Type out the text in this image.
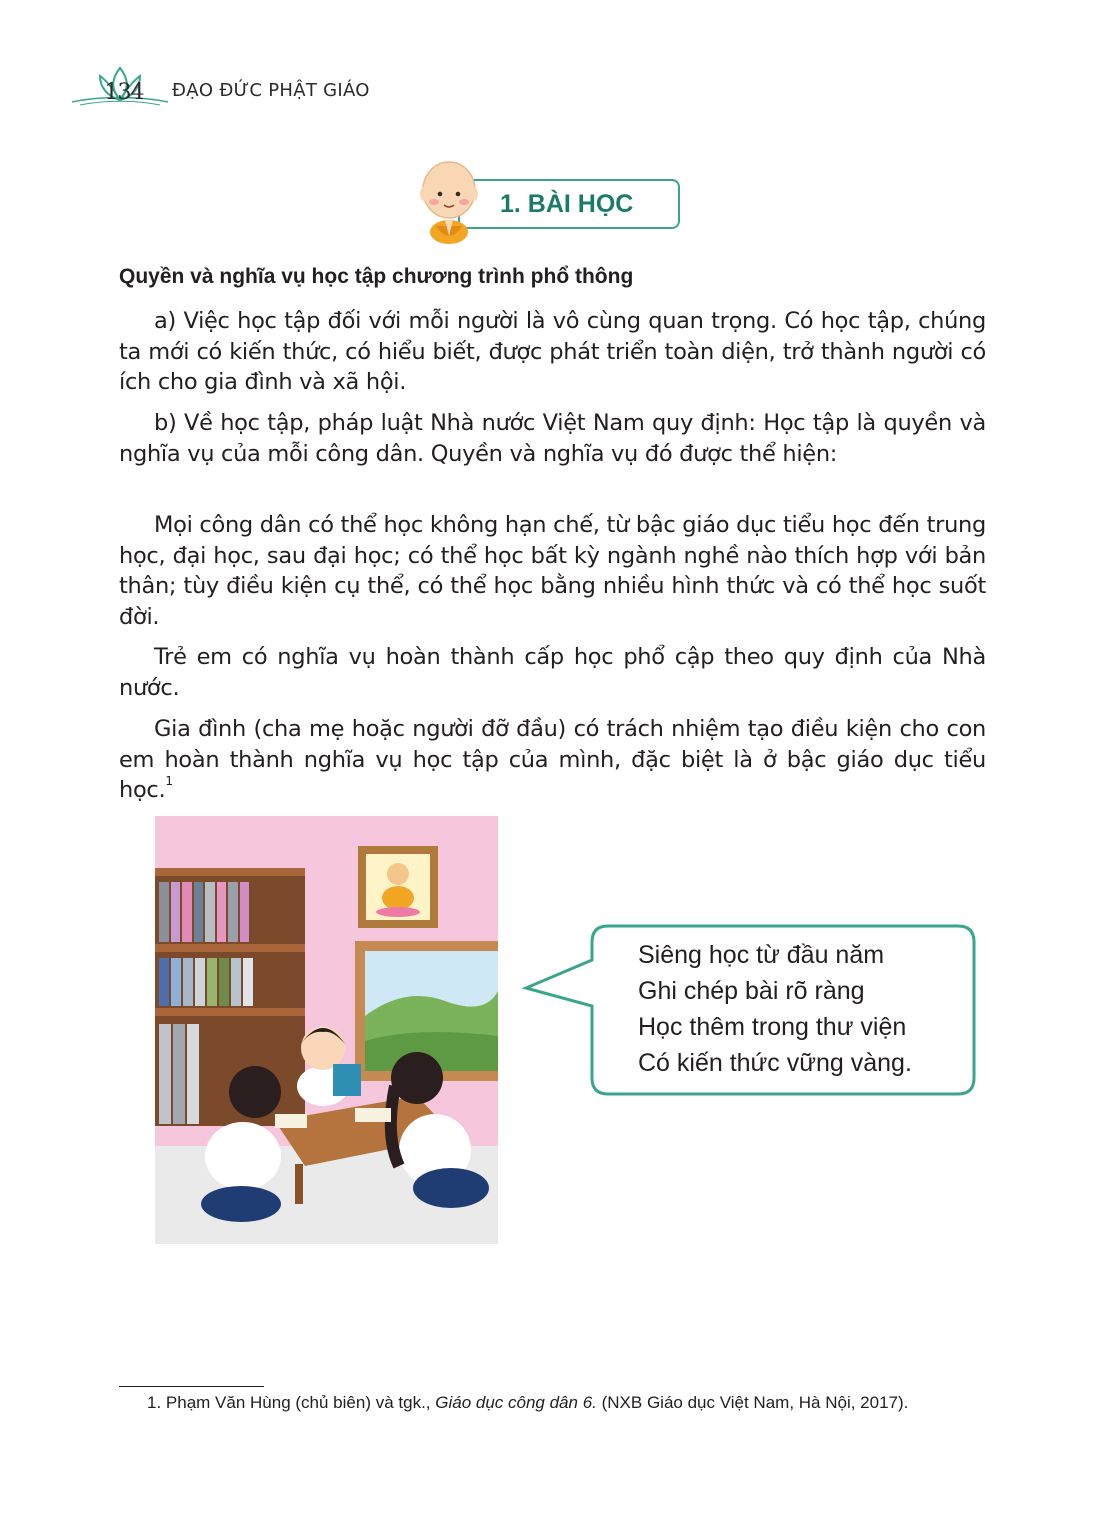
134	ĐẠO ĐỨC PHẬT GIÁO
1. BÀI HỌC
Quyền và nghĩa vụ học tập chương trình phổ thông
a) Việc học tập đối với mỗi người là vô cùng quan trọng. Có học tập, chúng ta mới có kiến thức, có hiểu biết, được phát triển toàn diện, trở thành người có ích cho gia đình và xã hội.
b) Về học tập, pháp luật Nhà nước Việt Nam quy định: Học tập là quyền và nghĩa vụ của mỗi công dân. Quyền và nghĩa vụ đó được thể hiện:
Mọi công dân có thể học không hạn chế, từ bậc giáo dục tiểu học đến trung học, đại học, sau đại học; có thể học bất kỳ ngành nghề nào thích hợp với bản thân; tùy điều kiện cụ thể, có thể học bằng nhiều hình thức và có thể học suốt đời.
Trẻ em có nghĩa vụ hoàn thành cấp học phổ cập theo quy định của Nhà nước.
Gia đình (cha mẹ hoặc người đỡ đầu) có trách nhiệm tạo điều kiện cho con em hoàn thành nghĩa vụ học tập của mình, đặc biệt là ở bậc giáo dục tiểu học.$^1$
Siêng học từ đầu năm
Ghi chép bài rõ ràng
Học thêm trong thư viện
Có kiến thức vững vàng.
1. Phạm Văn Hùng (chủ biên) và tgk., Giáo dục công dân 6. (NXB Giáo dục Việt Nam, Hà Nội, 2017).
